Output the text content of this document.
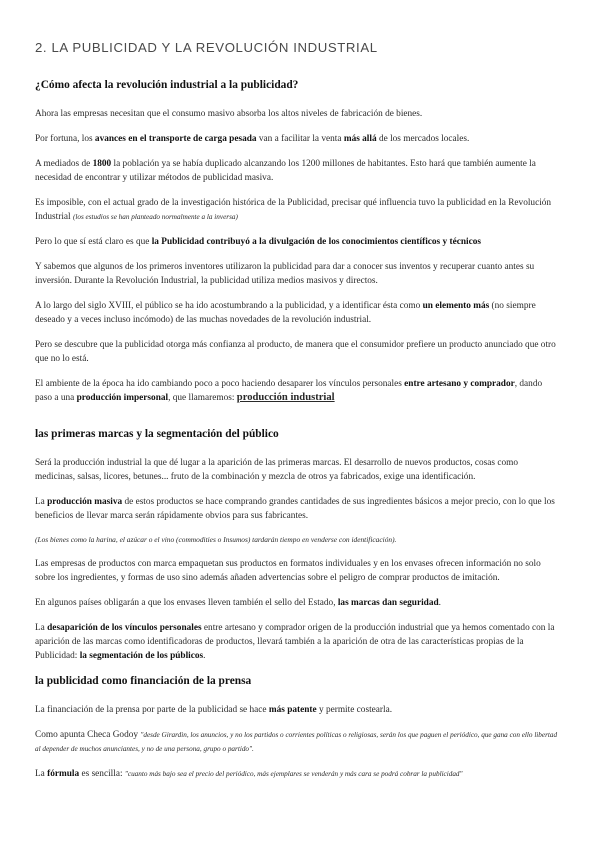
2. LA PUBLICIDAD Y LA REVOLUCIÓN INDUSTRIAL
¿Cómo afecta la revolución industrial a la publicidad?

Ahora las empresas necesitan que el consumo masivo absorba los altos niveles de fabricación de bienes.

Por fortuna, los avances en el transporte de carga pesada van a facilitar la venta más allá de los mercados locales.

A mediados de 1800 la población ya se había duplicado alcanzando los 1200 millones de habitantes. Esto hará que también aumente la necesidad de encontrar y utilizar métodos de publicidad masiva.

Es imposible, con el actual grado de la investigación histórica de la Publicidad, precisar qué influencia tuvo la publicidad en la Revolución Industrial (los estudios se han planteado normalmente a la inversa)

Pero lo que sí está claro es que la Publicidad contribuyó a la divulgación de los conocimientos científicos y técnicos

Y sabemos que algunos de los primeros inventores utilizaron la publicidad para dar a conocer sus inventos y recuperar cuanto antes su inversión. Durante la Revolución Industrial, la publicidad utiliza medios masivos y directos.

A lo largo del siglo XVIII, el público se ha ido acostumbrando a la publicidad, y a identificar ésta como un elemento más (no siempre deseado y a veces incluso incómodo) de las muchas novedades de la revolución industrial.

Pero se descubre que la publicidad otorga más confianza al producto, de manera que el consumidor prefiere un producto anunciado que otro que no lo está.

El ambiente de la época ha ido cambiando poco a poco haciendo desaparer los vínculos personales entre artesano y comprador, dando paso a una producción impersonal, que llamaremos: producción industrial

las primeras marcas y la segmentación del público

Será la producción industrial la que dé lugar a la aparición de las primeras marcas. El desarrollo de nuevos productos, cosas como medicinas, salsas, licores, betunes... fruto de la combinación y mezcla de otros ya fabricados, exige una identificación.

La producción masiva de estos productos se hace comprando grandes cantidades de sus ingredientes básicos a mejor precio, con lo que los beneficios de llevar marca serán rápidamente obvios para sus fabricantes.

(Los bienes como la harina, el azúcar o el vino (commodities o Insumos) tardarán tiempo en venderse con identificación).

Las empresas de productos con marca empaquetan sus productos en formatos individuales y en los envases ofrecen información no solo sobre los ingredientes, y formas de uso sino además añaden advertencias sobre el peligro de comprar productos de imitación.

En algunos países obligarán a que los envases lleven también el sello del Estado, las marcas dan seguridad.

La desaparición de los vínculos personales entre artesano y comprador origen de la producción industrial que ya hemos comentado con la aparición de las marcas como identificadoras de productos, llevará también a la aparición de otra de las características propias de la Publicidad: la segmentación de los públicos.

la publicidad como financiación de la prensa

La financiación de la prensa por parte de la publicidad se hace más patente y permite costearla.

Como apunta Checa Godoy "desde Girardin, los anuncios, y no los partidos o corrientes políticas o religiosas, serán los que paguen el periódico, que gana con ello libertad al depender de muchos anunciantes, y no de una persona, grupo o partido".

La fórmula es sencilla: "cuanto más bajo sea el precio del periódico, más ejemplares se venderán y más cara se podrá cobrar la publicidad"
